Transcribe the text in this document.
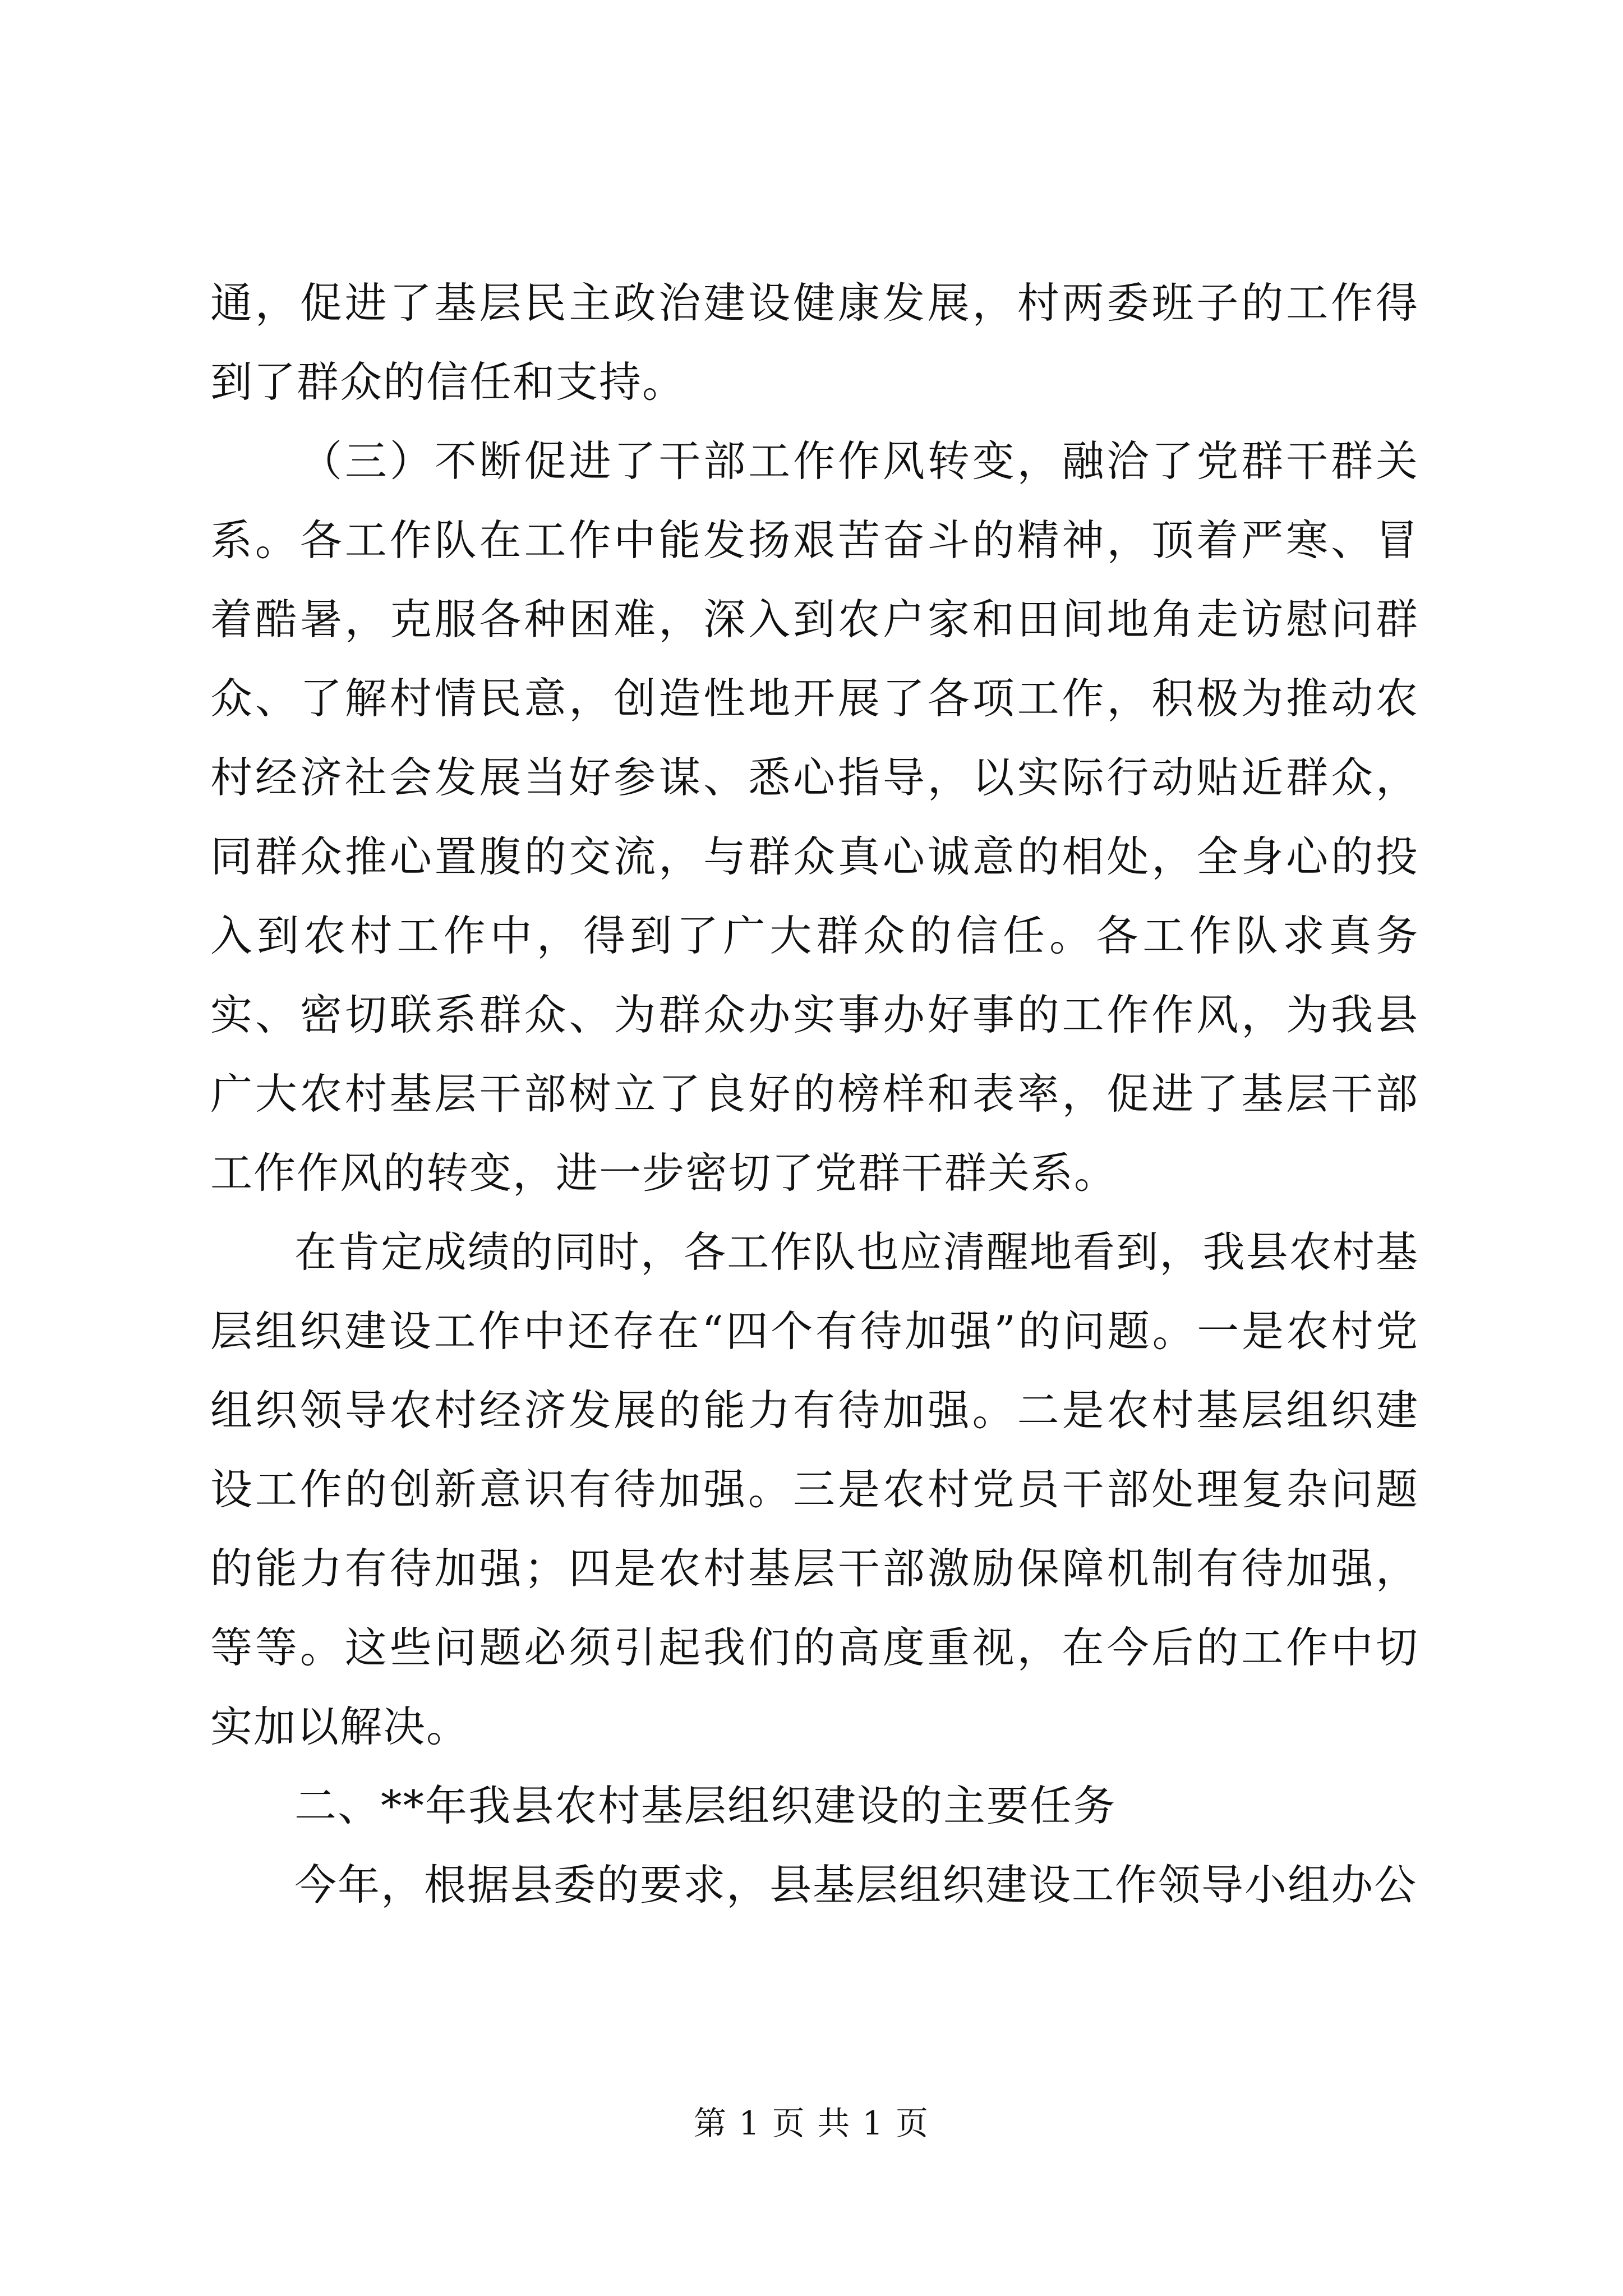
通，促进了基层民主政治建设健康发展，村两委班子的工作得到了群众的信任和支持。

（三）不断促进了干部工作作风转变，融洽了党群干群关系。各工作队在工作中能发扬艰苦奋斗的精神，顶着严寒、冒着酷暑，克服各种困难，深入到农户家和田间地角走访慰问群众、了解村情民意，创造性地开展了各项工作，积极为推动农村经济社会发展当好参谋、悉心指导，以实际行动贴近群众，同群众推心置腹的交流，与群众真心诚意的相处，全身心的投入到农村工作中，得到了广大群众的信任。各工作队求真务实、密切联系群众、为群众办实事办好事的工作作风，为我县广大农村基层干部树立了良好的榜样和表率，促进了基层干部工作作风的转变，进一步密切了党群干群关系。

在肯定成绩的同时，各工作队也应清醒地看到，我县农村基层组织建设工作中还存在“四个有待加强”的问题。一是农村党组织领导农村经济发展的能力有待加强。二是农村基层组织建设工作的创新意识有待加强。三是农村党员干部处理复杂问题的能力有待加强；四是农村基层干部激励保障机制有待加强，等等。这些问题必须引起我们的高度重视，在今后的工作中切实加以解决。

二、**年我县农村基层组织建设的主要任务

今年，根据县委的要求，县基层组织建设工作领导小组办公

第 1 页 共 1 页
